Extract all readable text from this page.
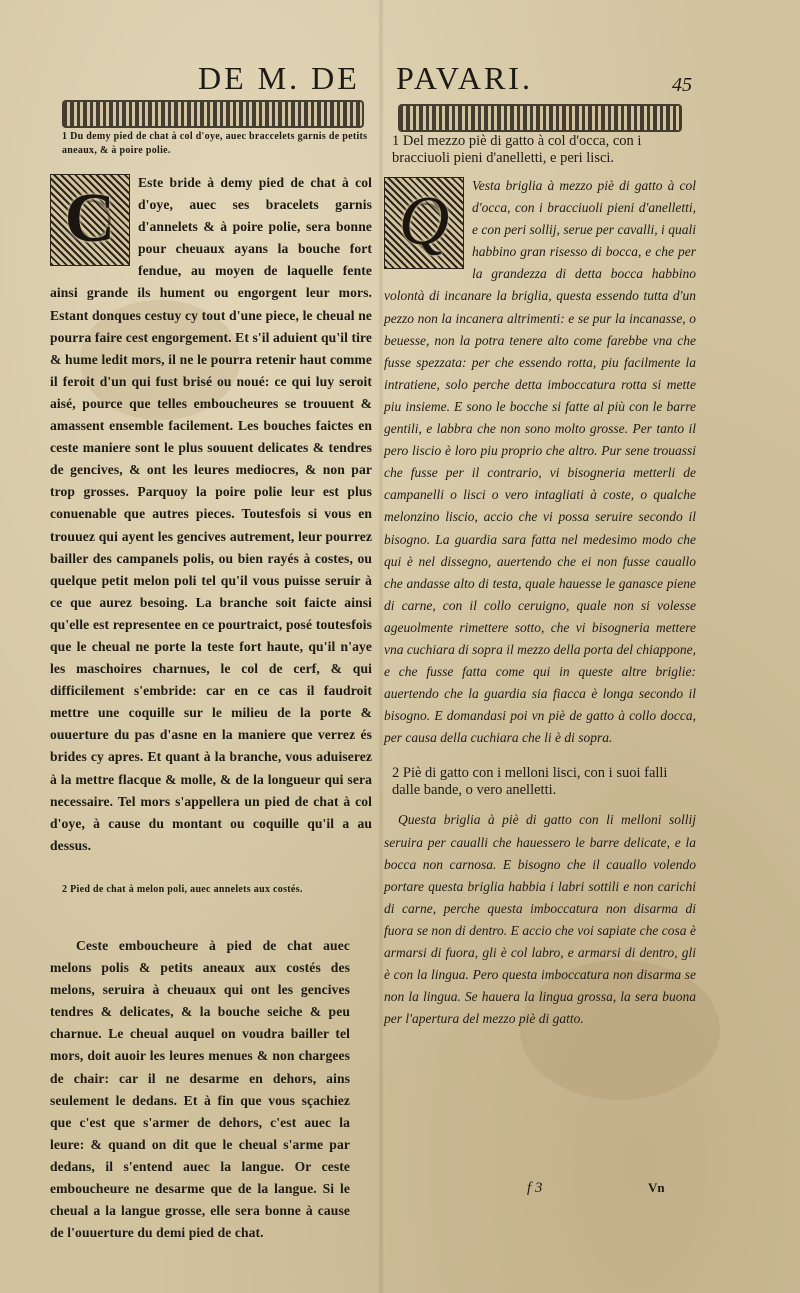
DE M. DE PAVARI.	45
1 Du demy pied de chat à col d'oye, auec braccelets garnis de petits aneaux, & à poire polie.
C	Este bride à demy pied de chat à col d'oye, auec ses bracelets garnis d'annelets & à poire polie, sera bonne pour cheuaux ayans la bouche fort fendue, au moyen de laquelle fente ainsi grande ils hument ou engorgent leur mors. Estant donques cestuy cy tout d'une piece, le cheual ne pourra faire cest engorgement. Et s'il aduient qu'il tire & hume ledit mors, il ne le pourra retenir haut comme il feroit d'un qui fust brisé ou noué: ce qui luy seroit aisé, pource que telles emboucheures se trouuent & amassent ensemble facilement. Les bouches faictes en ceste maniere sont le plus souuent delicates & tendres de gencives, & ont les leures mediocres, & non par trop grosses. Parquoy la poire polie leur est plus conuenable que autres pieces. Toutesfois si vous en trouuez qui ayent les gencives autrement, leur pourrez bailler des campanels polis, ou bien rayés à costes, ou quelque petit melon poli tel qu'il vous puisse seruir à ce que aurez besoing. La branche soit faicte ainsi qu'elle est representee en ce pourtraict, posé toutesfois que le cheual ne porte la teste fort haute, qu'il n'aye les maschoires charnues, le col de cerf, & qui difficilement s'embride: car en ce cas il faudroit mettre une coquille sur le milieu de la porte & ouuerture du pas d'asne en la maniere que verrez és brides cy apres. Et quant à la branche, vous aduiserez à la mettre flacque & molle, & de la longueur qui sera necessaire. Tel mors s'appellera un pied de chat à col d'oye, à cause du montant ou coquille qu'il a au dessus.
2 Pied de chat à melon poli, auec annelets aux costés.
Ceste emboucheure à pied de chat auec melons polis & petits aneaux aux costés des melons, seruira à cheuaux qui ont les gencives tendres & delicates, & la bouche seiche & peu charnue. Le cheual auquel on voudra bailler tel mors, doit auoir les leures menues & non chargees de chair: car il ne desarme en dehors, ains seulement le dedans. Et à fin que vous sçachiez que c'est que s'armer de dehors, c'est auec la leure: & quand on dit que le cheual s'arme par dedans, il s'entend auec la langue. Or ceste emboucheure ne desarme que de la langue. Si le cheual a la langue grosse, elle sera bonne à cause de l'ouuerture du demi pied de chat.
1 Del mezzo piè di gatto à col d'occa, con i bracciuoli pieni d'anelletti, e peri lisci.
Q	Vesta briglia à mezzo piè di gatto à col d'occa, con i bracciuoli pieni d'anelletti, e con peri sollij, serue per cavalli, i quali habbino gran risesso di bocca, e che per la grandezza di detta bocca habbino volontà di incanare la briglia, questa essendo tutta d'un pezzo non la incanera altrimenti: e se pur la incanasse, o beuesse, non la potra tenere alto come farebbe vna che fusse spezzata: per che essendo rotta, piu facilmente la intratiene, solo perche detta imboccatura rotta si mette piu insieme. E sono le bocche si fatte al più con le barre gentili, e labbra che non sono molto grosse. Per tanto il pero liscio è loro piu proprio che altro. Pur sene trouassi che fusse per il contrario, vi bisogneria metterli de campanelli o lisci o vero intagliati à coste, o qualche melonzino liscio, accio che vi possa seruire secondo il bisogno. La guardia sara fatta nel medesimo modo che qui è nel dissegno, auertendo che ei non fusse cauallo che andasse alto di testa, quale hauesse le ganasce piene di carne, con il collo ceruigno, quale non si volesse ageuolmente rimettere sotto, che vi bisogneria mettere vna cuchiara di sopra il mezzo della porta del chiappone, e che fusse fatta come qui in queste altre briglie: auertendo che la guardia sia fiacca è longa secondo il bisogno. E domandasi poi vn piè de gatto à collo docca, per causa della cuchiara che li è di sopra.
2 Piè di gatto con i melloni lisci, con i suoi falli dalle bande, o vero anelletti.
Questa briglia à piè di gatto con li melloni sollij seruira per caualli che hauessero le barre delicate, e la bocca non carnosa. E bisogno che il cauallo volendo portare questa briglia habbia i labri sottili e non carichi di carne, perche questa imboccatura non disarma di fuora se non di dentro. E accio che voi sapiate che cosa è armarsi di fuora, gli è col labro, e armarsi di dentro, gli è con la lingua. Pero questa imboccatura non disarma se non la lingua. Se hauera la lingua grossa, la sera buona per l'apertura del mezzo piè di gatto.
f 3	Vn
